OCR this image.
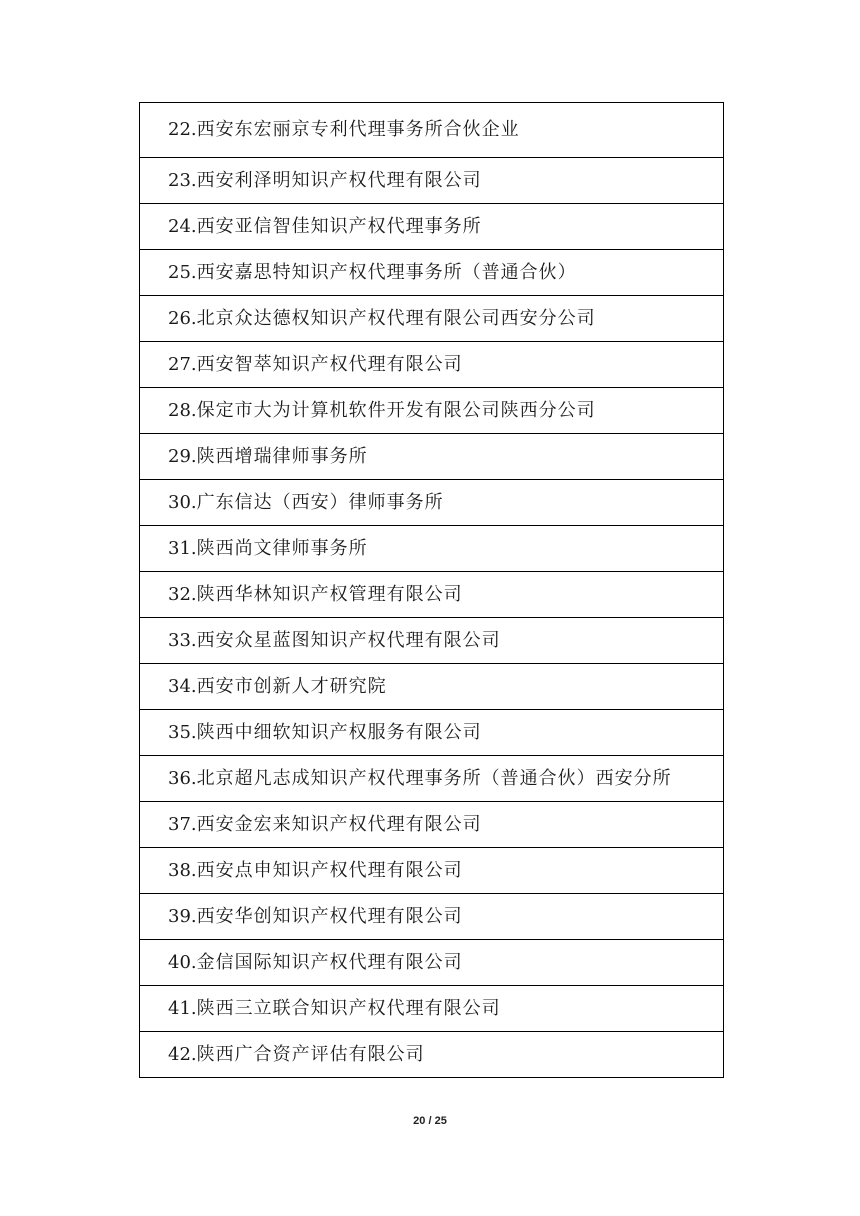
22.西安东宏丽京专利代理事务所合伙企业
23.西安利泽明知识产权代理有限公司
24.西安亚信智佳知识产权代理事务所
25.西安嘉思特知识产权代理事务所（普通合伙）
26.北京众达德权知识产权代理有限公司西安分公司
27.西安智萃知识产权代理有限公司
28.保定市大为计算机软件开发有限公司陕西分公司
29.陕西增瑞律师事务所
30.广东信达（西安）律师事务所
31.陕西尚文律师事务所
32.陕西华林知识产权管理有限公司
33.西安众星蓝图知识产权代理有限公司
34.西安市创新人才研究院
35.陕西中细软知识产权服务有限公司
36.北京超凡志成知识产权代理事务所（普通合伙）西安分所
37.西安金宏来知识产权代理有限公司
38.西安点申知识产权代理有限公司
39.西安华创知识产权代理有限公司
40.金信国际知识产权代理有限公司
41.陕西三立联合知识产权代理有限公司
42.陕西广合资产评估有限公司
20 / 25
